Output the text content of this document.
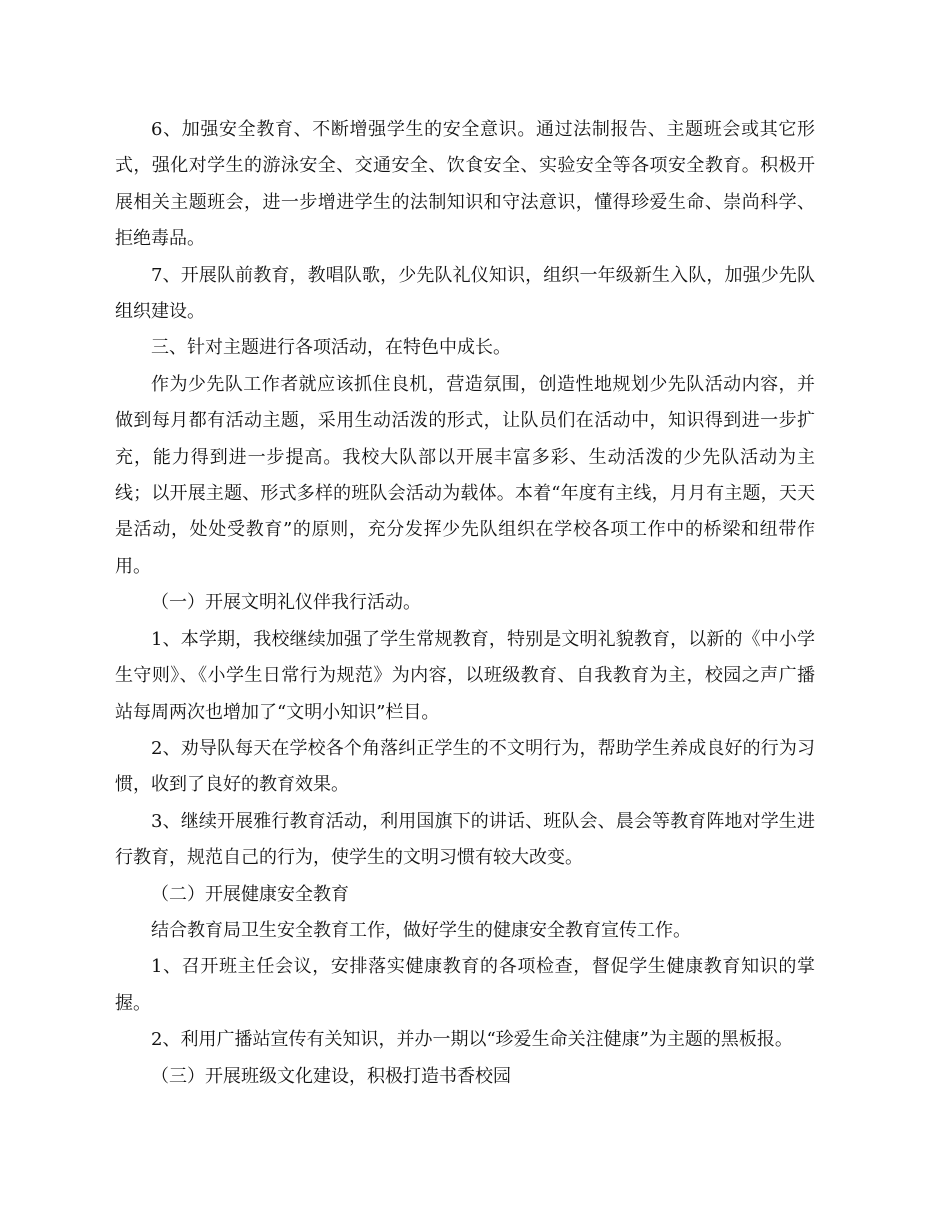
6、加强安全教育、不断增强学生的安全意识。通过法制报告、主题班会或其它形式，强化对学生的游泳安全、交通安全、饮食安全、实验安全等各项安全教育。积极开展相关主题班会，进一步增进学生的法制知识和守法意识，懂得珍爱生命、崇尚科学、拒绝毒品。

7、开展队前教育，教唱队歌，少先队礼仪知识，组织一年级新生入队，加强少先队组织建设。

三、针对主题进行各项活动，在特色中成长。

作为少先队工作者就应该抓住良机，营造氛围，创造性地规划少先队活动内容，并做到每月都有活动主题，采用生动活泼的形式，让队员们在活动中，知识得到进一步扩充，能力得到进一步提高。我校大队部以开展丰富多彩、生动活泼的少先队活动为主线；以开展主题、形式多样的班队会活动为载体。本着“年度有主线，月月有主题，天天是活动，处处受教育”的原则，充分发挥少先队组织在学校各项工作中的桥梁和纽带作用。

（一）开展文明礼仪伴我行活动。

1、本学期，我校继续加强了学生常规教育，特别是文明礼貌教育，以新的《中小学生守则》、《小学生日常行为规范》为内容，以班级教育、自我教育为主，校园之声广播站每周两次也增加了“文明小知识”栏目。

2、劝导队每天在学校各个角落纠正学生的不文明行为，帮助学生养成良好的行为习惯，收到了良好的教育效果。

3、继续开展雅行教育活动，利用国旗下的讲话、班队会、晨会等教育阵地对学生进行教育，规范自己的行为，使学生的文明习惯有较大改变。

（二）开展健康安全教育

结合教育局卫生安全教育工作，做好学生的健康安全教育宣传工作。

1、召开班主任会议，安排落实健康教育的各项检查，督促学生健康教育知识的掌握。

2、利用广播站宣传有关知识，并办一期以“珍爱生命关注健康”为主题的黑板报。

（三）开展班级文化建设，积极打造书香校园
